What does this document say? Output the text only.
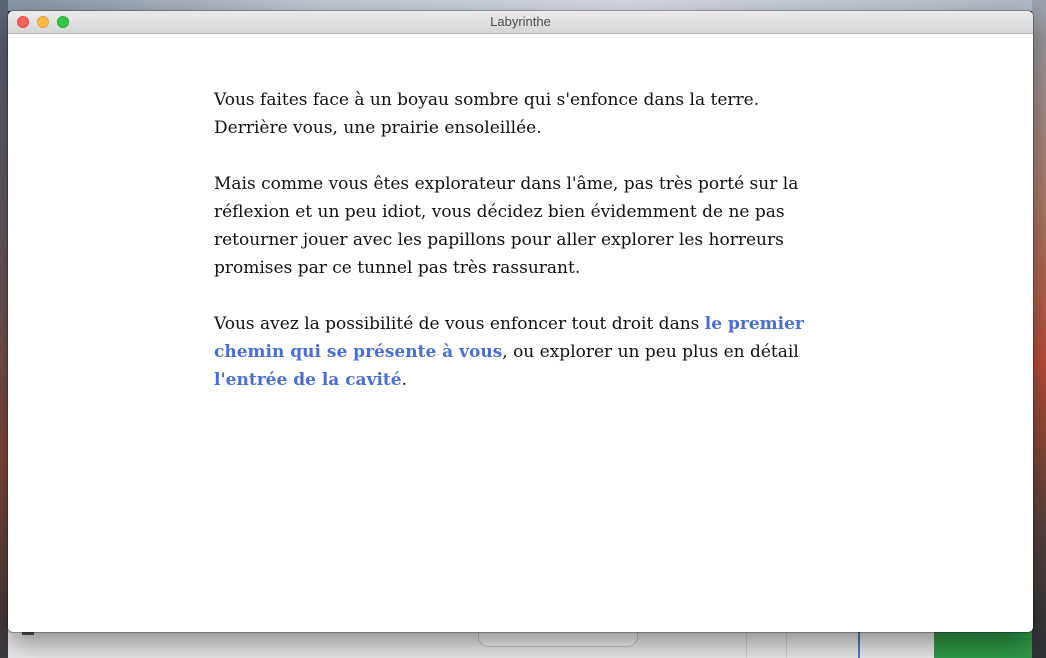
Labyrinthe

Vous faites face à un boyau sombre qui s'enfonce dans la terre. Derrière vous, une prairie ensoleillée.

Mais comme vous êtes explorateur dans l'âme, pas très porté sur la réflexion et un peu idiot, vous décidez bien évidemment de ne pas retourner jouer avec les papillons pour aller explorer les horreurs promises par ce tunnel pas très rassurant.

Vous avez la possibilité de vous enfoncer tout droit dans le premier chemin qui se présente à vous, ou explorer un peu plus en détail l'entrée de la cavité.
